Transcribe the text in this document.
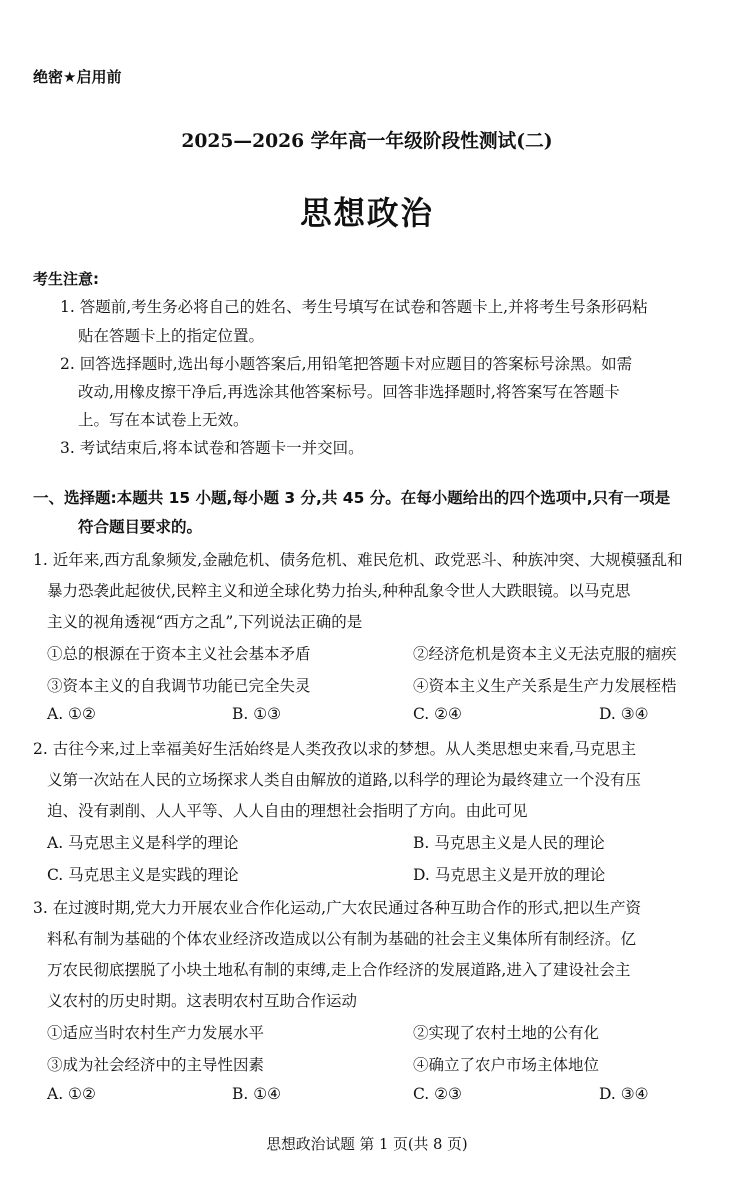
绝密★启用前
2025—2026 学年高一年级阶段性测试(二)
思想政治
考生注意:
1. 答题前,考生务必将自己的姓名、考生号填写在试卷和答题卡上,并将考生号条形码粘
贴在答题卡上的指定位置。
2. 回答选择题时,选出每小题答案后,用铅笔把答题卡对应题目的答案标号涂黑。如需
改动,用橡皮擦干净后,再选涂其他答案标号。回答非选择题时,将答案写在答题卡
上。写在本试卷上无效。
3. 考试结束后,将本试卷和答题卡一并交回。
一、选择题:本题共 15 小题,每小题 3 分,共 45 分。在每小题给出的四个选项中,只有一项是
符合题目要求的。
1. 近年来,西方乱象频发,金融危机、债务危机、难民危机、政党恶斗、种族冲突、大规模骚乱和
暴力恐袭此起彼伏,民粹主义和逆全球化势力抬头,种种乱象令世人大跌眼镜。以马克思
主义的视角透视“西方之乱”,下列说法正确的是
①总的根源在于资本主义社会基本矛盾	②经济危机是资本主义无法克服的痼疾
③资本主义的自我调节功能已完全失灵	④资本主义生产关系是生产力发展桎梏
A. ①②	B. ①③	C. ②④	D. ③④
2. 古往今来,过上幸福美好生活始终是人类孜孜以求的梦想。从人类思想史来看,马克思主
义第一次站在人民的立场探求人类自由解放的道路,以科学的理论为最终建立一个没有压
迫、没有剥削、人人平等、人人自由的理想社会指明了方向。由此可见
A. 马克思主义是科学的理论	B. 马克思主义是人民的理论
C. 马克思主义是实践的理论	D. 马克思主义是开放的理论
3. 在过渡时期,党大力开展农业合作化运动,广大农民通过各种互助合作的形式,把以生产资
料私有制为基础的个体农业经济改造成以公有制为基础的社会主义集体所有制经济。亿
万农民彻底摆脱了小块土地私有制的束缚,走上合作经济的发展道路,进入了建设社会主
义农村的历史时期。这表明农村互助合作运动
①适应当时农村生产力发展水平	②实现了农村土地的公有化
③成为社会经济中的主导性因素	④确立了农户市场主体地位
A. ①②	B. ①④	C. ②③	D. ③④
思想政治试题 第 1 页(共 8 页)
